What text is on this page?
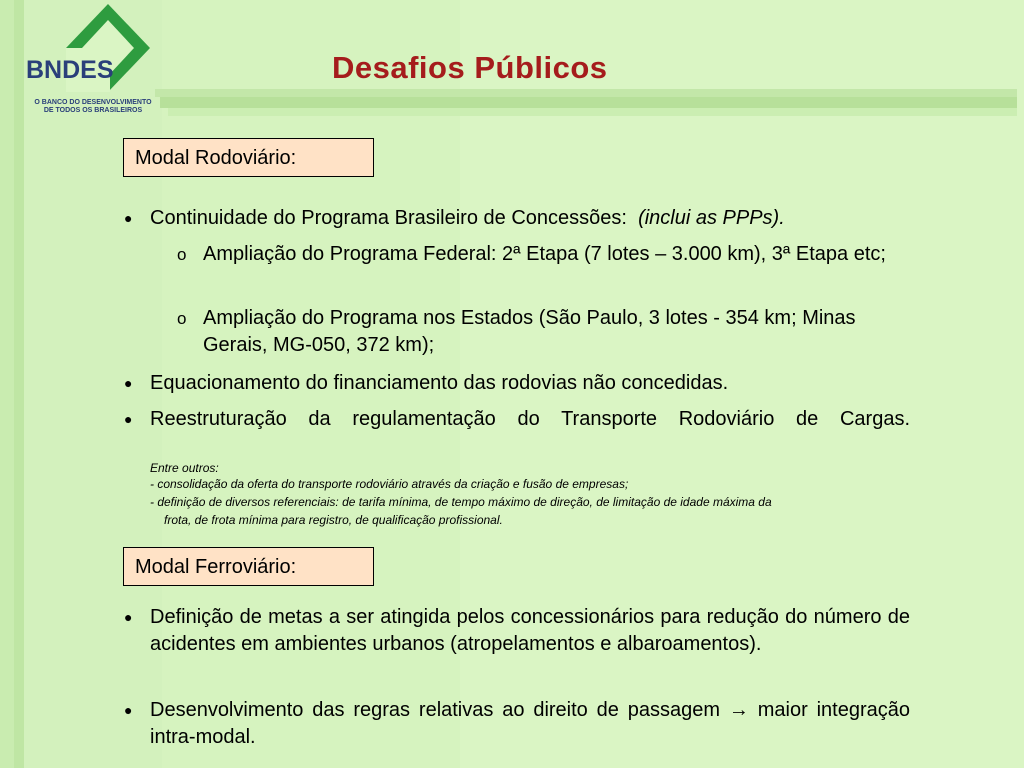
BNDES
O BANCO DO DESENVOLVIMENTO
DE TODOS OS BRASILEIROS
Desafios Públicos
Modal Rodoviário:
● Continuidade do Programa Brasileiro de Concessões: (inclui as PPPs).
o Ampliação do Programa Federal: 2ª Etapa (7 lotes – 3.000 km), 3ª Etapa etc;
o Ampliação do Programa nos Estados (São Paulo, 3 lotes - 354 km; Minas Gerais, MG-050, 372 km);
● Equacionamento do financiamento das rodovias não concedidas.
● Reestruturação da regulamentação do Transporte Rodoviário de Cargas.
Entre outros:
- consolidação da oferta do transporte rodoviário através da criação e fusão de empresas;
- definição de diversos referenciais: de tarifa mínima, de tempo máximo de direção, de limitação de idade máxima da
frota, de frota mínima para registro, de qualificação profissional.
Modal Ferroviário:
● Definição de metas a ser atingida pelos concessionários para redução do número de acidentes em ambientes urbanos (atropelamentos e albaroamentos).
● Desenvolvimento das regras relativas ao direito de passagem → maior integração intra-modal.
